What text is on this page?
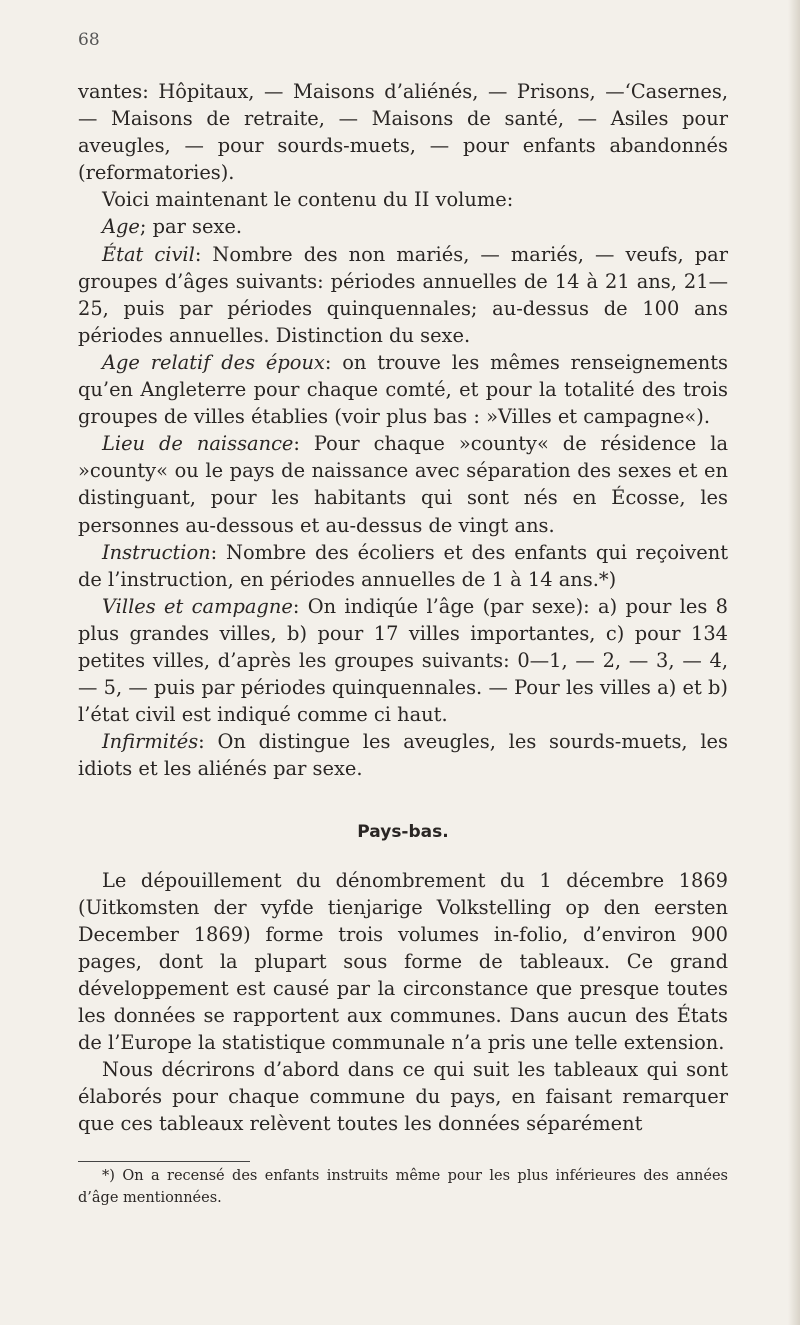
68

vantes: Hôpitaux, — Maisons d’aliénés, — Prisons, —‘Casernes, — Maisons de retraite, — Maisons de santé, — Asiles pour aveugles, — pour sourds-muets, — pour enfants abandonnés (reformatories).

Voici maintenant le contenu du II volume:

Age; par sexe.

État civil: Nombre des non mariés, — mariés, — veufs, par groupes d’âges suivants: périodes annuelles de 14 à 21 ans, 21—25, puis par périodes quinquennales; au-dessus de 100 ans périodes annuelles. Distinction du sexe.

Age relatif des époux: on trouve les mêmes renseignements qu’en Angleterre pour chaque comté, et pour la totalité des trois groupes de villes établies (voir plus bas : »Villes et campagne«).

Lieu de naissance: Pour chaque »county« de résidence la »county« ou le pays de naissance avec séparation des sexes et en distinguant, pour les habitants qui sont nés en Écosse, les personnes au-dessous et au-dessus de vingt ans.

Instruction: Nombre des écoliers et des enfants qui reçoivent de l’instruction, en périodes annuelles de 1 à 14 ans.*)

Villes et campagne: On indiqúe l’âge (par sexe): a) pour les 8 plus grandes villes, b) pour 17 villes importantes, c) pour 134 petites villes, d’après les groupes suivants: 0—1, — 2, — 3, — 4, — 5, — puis par périodes quinquennales. — Pour les villes a) et b) l’état civil est indiqué comme ci haut.

Infirmités: On distingue les aveugles, les sourds-muets, les idiots et les aliénés par sexe.

Pays-bas.

Le dépouillement du dénombrement du 1 décembre 1869 (Uitkomsten der vyfde tienjarige Volkstelling op den eersten December 1869) forme trois volumes in-folio, d’environ 900 pages, dont la plupart sous forme de tableaux. Ce grand développement est causé par la circonstance que presque toutes les données se rapportent aux communes. Dans aucun des États de l’Europe la statistique communale n’a pris une telle extension.

Nous décrirons d’abord dans ce qui suit les tableaux qui sont élaborés pour chaque commune du pays, en faisant remarquer que ces tableaux relèvent toutes les données séparément

*) On a recensé des enfants instruits même pour les plus inférieures des années d’âge mentionnées.
